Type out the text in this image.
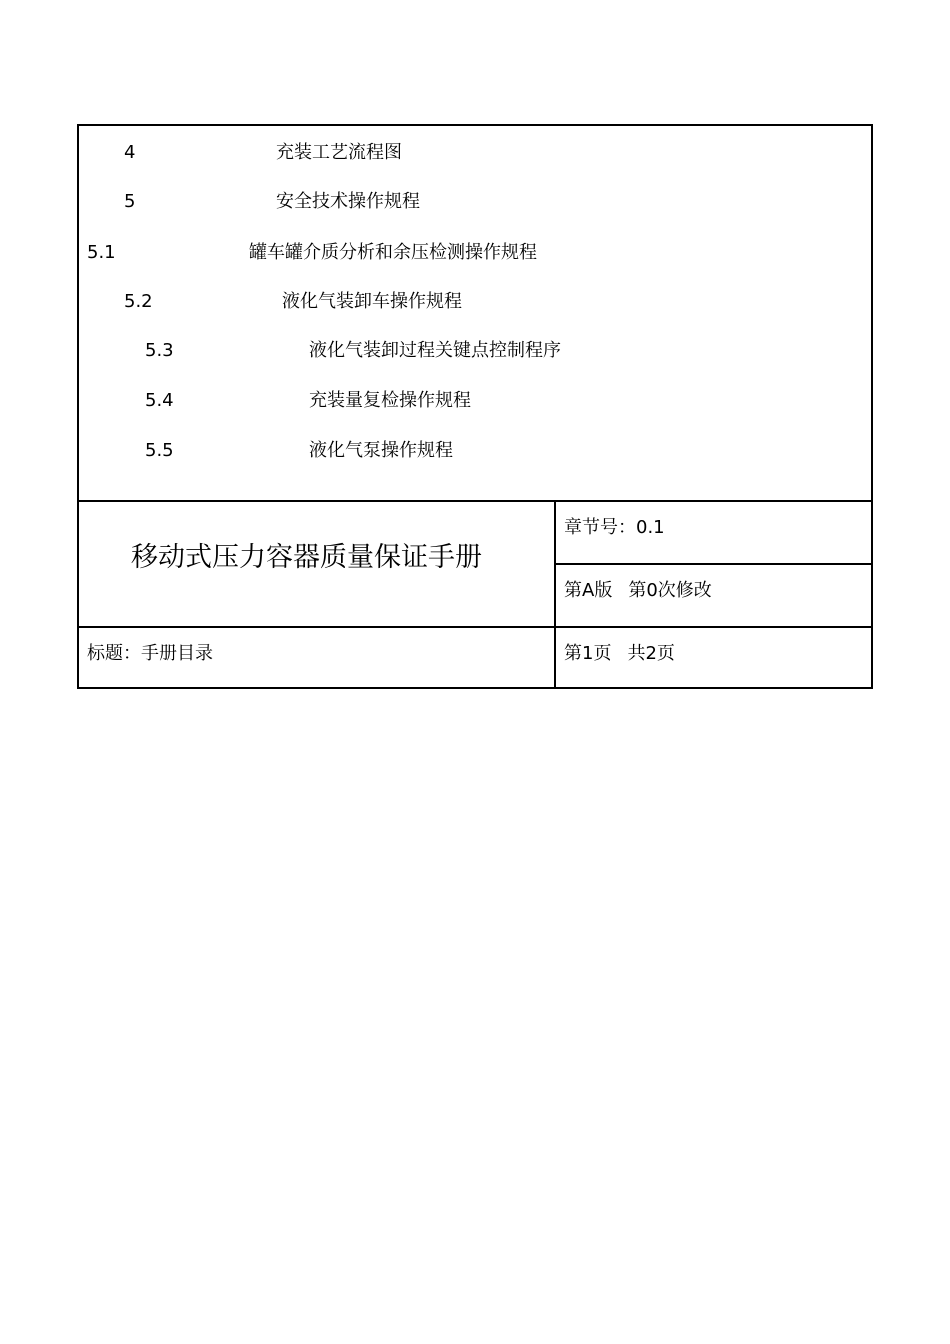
4	充装工艺流程图
5	安全技术操作规程
5.1	罐车罐介质分析和余压检测操作规程
5.2	液化气装卸车操作规程
5.3	液化气装卸过程关键点控制程序
5.4	充装量复检操作规程
5.5	液化气泵操作规程
移动式压力容器质量保证手册
章节号：0.1
第A版 第0次修改
标题：手册目录	第1页 共2页
